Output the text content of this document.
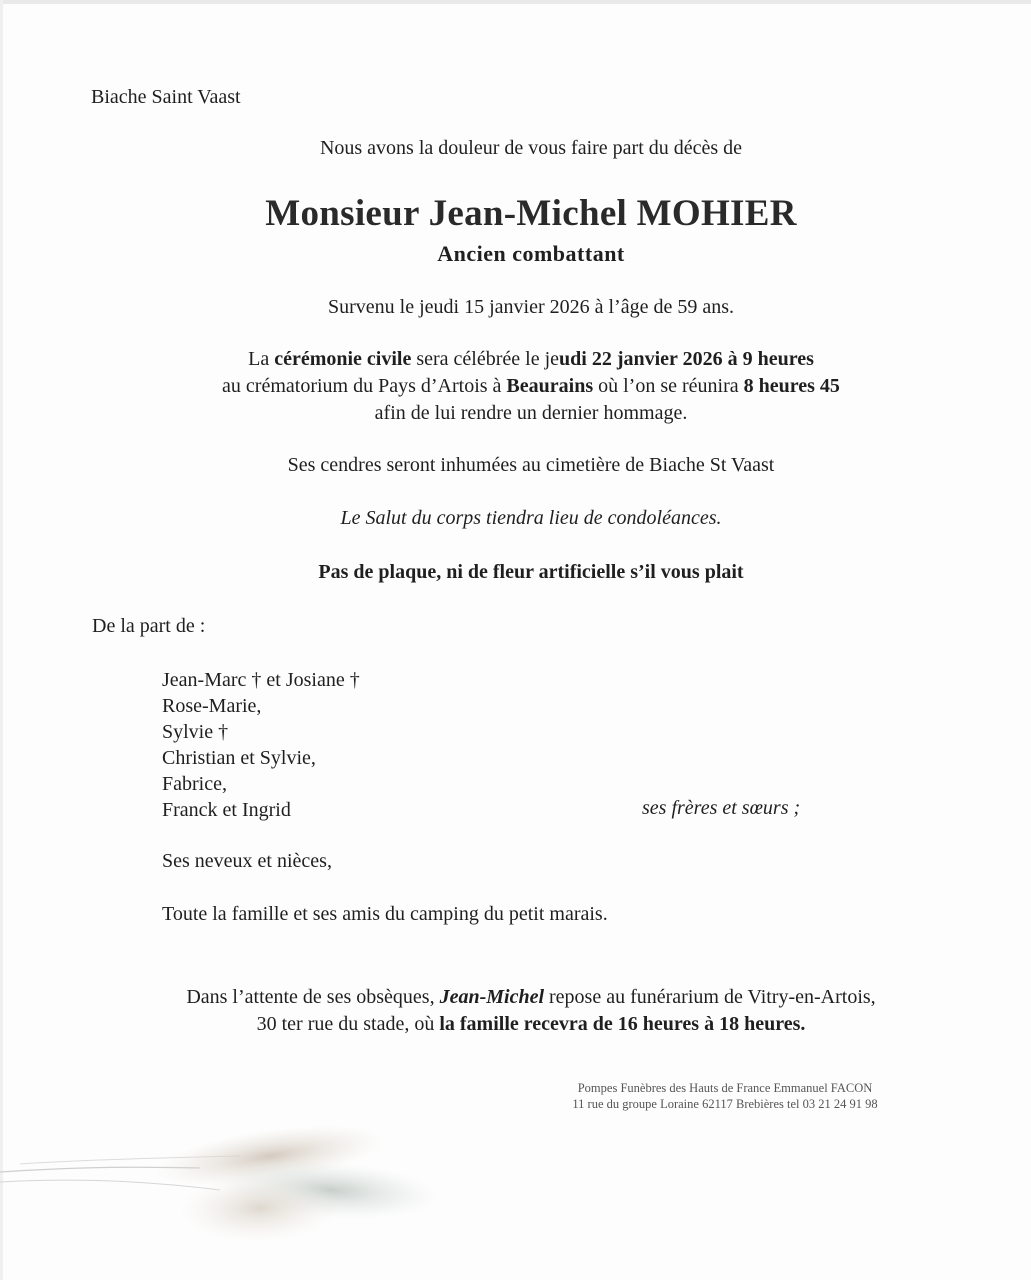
Biache Saint Vaast
Nous avons la douleur de vous faire part du décès de
Monsieur Jean-Michel MOHIER
Ancien combattant
Survenu le jeudi 15 janvier 2026 à l’âge de 59 ans.
La cérémonie civile sera célébrée le jeudi 22 janvier 2026 à 9 heures
au crématorium du Pays d’Artois à Beaurains où l’on se réunira 8 heures 45
afin de lui rendre un dernier hommage.
Ses cendres seront inhumées au cimetière de Biache St Vaast
Le Salut du corps tiendra lieu de condoléances.
Pas de plaque, ni de fleur artificielle s’il vous plait
De la part de :
Jean-Marc † et Josiane †
Rose-Marie,
Sylvie †
Christian et Sylvie,
Fabrice,
Franck et Ingrid	ses frères et sœurs ;
Ses neveux et nièces,
Toute la famille et ses amis du camping du petit marais.
Dans l’attente de ses obsèques, Jean-Michel repose au funérarium de Vitry-en-Artois,
30 ter rue du stade, où la famille recevra de 16 heures à 18 heures.
Pompes Funèbres des Hauts de France Emmanuel FACON
11 rue du groupe Loraine 62117 Brebières tel 03 21 24 91 98
